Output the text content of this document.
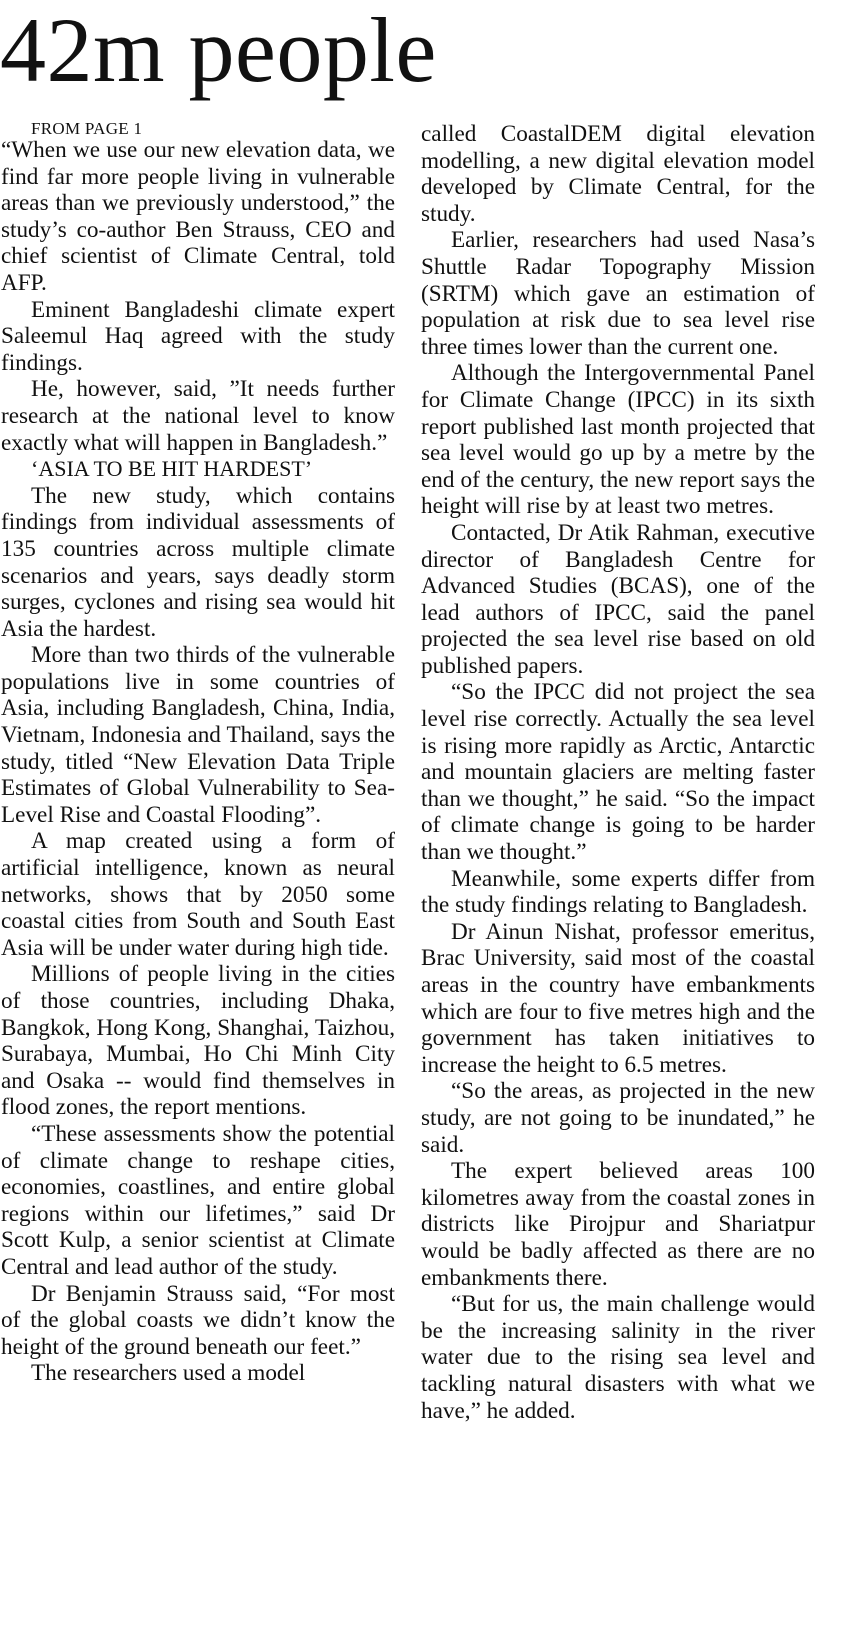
42m people

FROM PAGE 1

“When we use our new elevation data, we find far more people living in vulnerable areas than we previously understood,” the study’s co-author Ben Strauss, CEO and chief scientist of Climate Central, told AFP.

Eminent Bangladeshi climate expert Saleemul Haq agreed with the study findings.

He, however, said, ”It needs further research at the national level to know exactly what will happen in Bangladesh.”

‘ASIA TO BE HIT HARDEST’

The new study, which contains findings from individual assessments of 135 countries across multiple climate scenarios and years, says deadly storm surges, cyclones and rising sea would hit Asia the hardest.

More than two thirds of the vulnerable populations live in some countries of Asia, including Bangladesh, China, India, Vietnam, Indonesia and Thailand, says the study, titled “New Elevation Data Triple Estimates of Global Vulnerability to Sea-Level Rise and Coastal Flooding”.

A map created using a form of artificial intelligence, known as neural networks, shows that by 2050 some coastal cities from South and South East Asia will be under water during high tide.

Millions of people living in the cities of those countries, including Dhaka, Bangkok, Hong Kong, Shanghai, Taizhou, Surabaya, Mumbai, Ho Chi Minh City and Osaka -- would find themselves in flood zones, the report mentions.

“These assessments show the potential of climate change to reshape cities, economies, coastlines, and entire global regions within our lifetimes,” said Dr Scott Kulp, a senior scientist at Climate Central and lead author of the study.

Dr Benjamin Strauss said, “For most of the global coasts we didn’t know the height of the ground beneath our feet.”

The researchers used a model

called CoastalDEM digital elevation modelling, a new digital elevation model developed by Climate Central, for the study.

Earlier, researchers had used Nasa’s Shuttle Radar Topography Mission (SRTM) which gave an estimation of population at risk due to sea level rise three times lower than the current one.

Although the Intergovernmental Panel for Climate Change (IPCC) in its sixth report published last month projected that sea level would go up by a metre by the end of the century, the new report says the height will rise by at least two metres.

Contacted, Dr Atik Rahman, executive director of Bangladesh Centre for Advanced Studies (BCAS), one of the lead authors of IPCC, said the panel projected the sea level rise based on old published papers.

“So the IPCC did not project the sea level rise correctly. Actually the sea level is rising more rapidly as Arctic, Antarctic and mountain glaciers are melting faster than we thought,” he said. “So the impact of climate change is going to be harder than we thought.”

Meanwhile, some experts differ from the study findings relating to Bangladesh.

Dr Ainun Nishat, professor emeritus, Brac University, said most of the coastal areas in the country have embankments which are four to five metres high and the government has taken initiatives to increase the height to 6.5 metres.

“So the areas, as projected in the new study, are not going to be inundated,” he said.

The expert believed areas 100 kilometres away from the coastal zones in districts like Pirojpur and Shariatpur would be badly affected as there are no embankments there.

“But for us, the main challenge would be the increasing salinity in the river water due to the rising sea level and tackling natural disasters with what we have,” he added.
